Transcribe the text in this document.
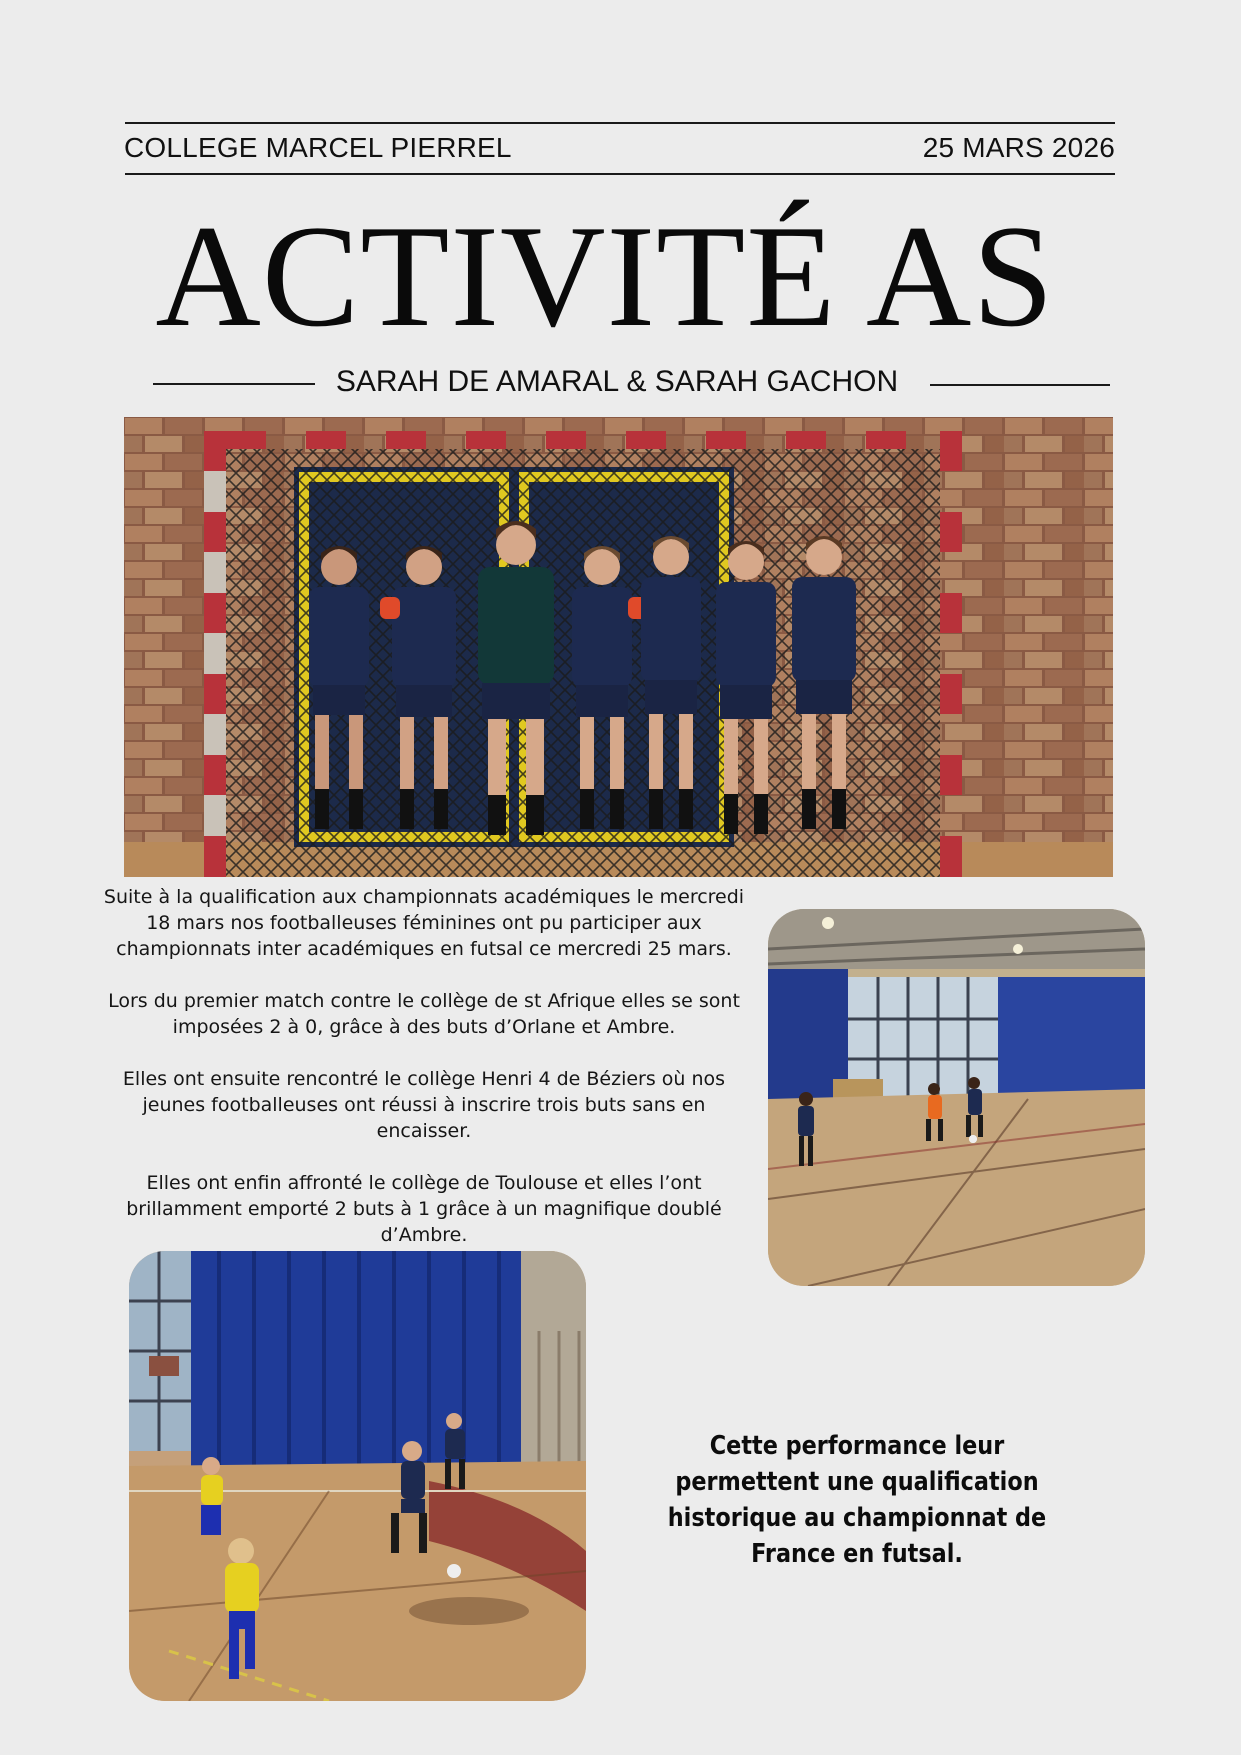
COLLEGE MARCEL PIERREL	25 MARS 2026
ACTIVITÉ AS
SARAH DE AMARAL & SARAH GACHON

Suite à la qualification aux championnats académiques le mercredi 18 mars nos footballeuses féminines ont pu participer aux championnats inter académiques en futsal ce mercredi 25 mars.

Lors du premier match contre le collège de st Afrique elles se sont imposées 2 à 0, grâce à des buts d’Orlane et Ambre.

Elles ont ensuite rencontré le collège Henri 4 de Béziers où nos jeunes footballeuses ont réussi à inscrire trois buts sans en encaisser.

Elles ont enfin affronté le collège de Toulouse et elles l’ont brillamment emporté 2 buts à 1 grâce à un magnifique doublé d’Ambre.

Cette performance leur permettent une qualification historique au championnat de France en futsal.
